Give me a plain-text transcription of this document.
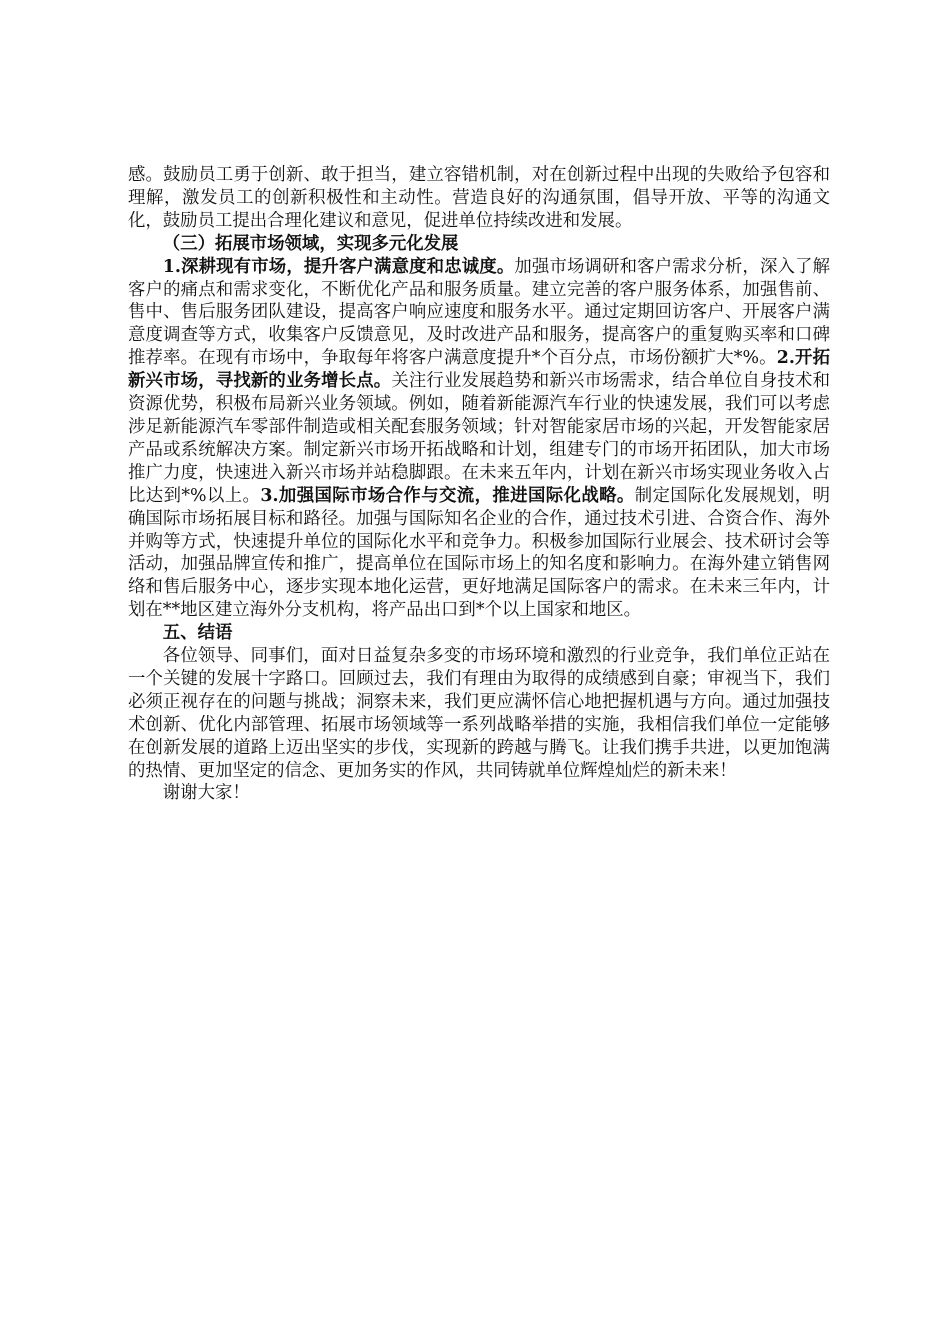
感。鼓励员工勇于创新、敢于担当，建立容错机制，对在创新过程中出现的失败给予包容和理解，激发员工的创新积极性和主动性。营造良好的沟通氛围，倡导开放、平等的沟通文化，鼓励员工提出合理化建议和意见，促进单位持续改进和发展。

（三）拓展市场领域，实现多元化发展

1.深耕现有市场，提升客户满意度和忠诚度。加强市场调研和客户需求分析，深入了解客户的痛点和需求变化，不断优化产品和服务质量。建立完善的客户服务体系，加强售前、售中、售后服务团队建设，提高客户响应速度和服务水平。通过定期回访客户、开展客户满意度调查等方式，收集客户反馈意见，及时改进产品和服务，提高客户的重复购买率和口碑推荐率。在现有市场中，争取每年将客户满意度提升*个百分点，市场份额扩大*%。2.开拓新兴市场，寻找新的业务增长点。关注行业发展趋势和新兴市场需求，结合单位自身技术和资源优势，积极布局新兴业务领域。例如，随着新能源汽车行业的快速发展，我们可以考虑涉足新能源汽车零部件制造或相关配套服务领域；针对智能家居市场的兴起，开发智能家居产品或系统解决方案。制定新兴市场开拓战略和计划，组建专门的市场开拓团队，加大市场推广力度，快速进入新兴市场并站稳脚跟。在未来五年内，计划在新兴市场实现业务收入占比达到*%以上。3.加强国际市场合作与交流，推进国际化战略。制定国际化发展规划，明确国际市场拓展目标和路径。加强与国际知名企业的合作，通过技术引进、合资合作、海外并购等方式，快速提升单位的国际化水平和竞争力。积极参加国际行业展会、技术研讨会等活动，加强品牌宣传和推广，提高单位在国际市场上的知名度和影响力。在海外建立销售网络和售后服务中心，逐步实现本地化运营，更好地满足国际客户的需求。在未来三年内，计划在**地区建立海外分支机构，将产品出口到*个以上国家和地区。

五、结语

各位领导、同事们，面对日益复杂多变的市场环境和激烈的行业竞争，我们单位正站在一个关键的发展十字路口。回顾过去，我们有理由为取得的成绩感到自豪；审视当下，我们必须正视存在的问题与挑战；洞察未来，我们更应满怀信心地把握机遇与方向。通过加强技术创新、优化内部管理、拓展市场领域等一系列战略举措的实施，我相信我们单位一定能够在创新发展的道路上迈出坚实的步伐，实现新的跨越与腾飞。让我们携手共进，以更加饱满的热情、更加坚定的信念、更加务实的作风，共同铸就单位辉煌灿烂的新未来！

谢谢大家！
